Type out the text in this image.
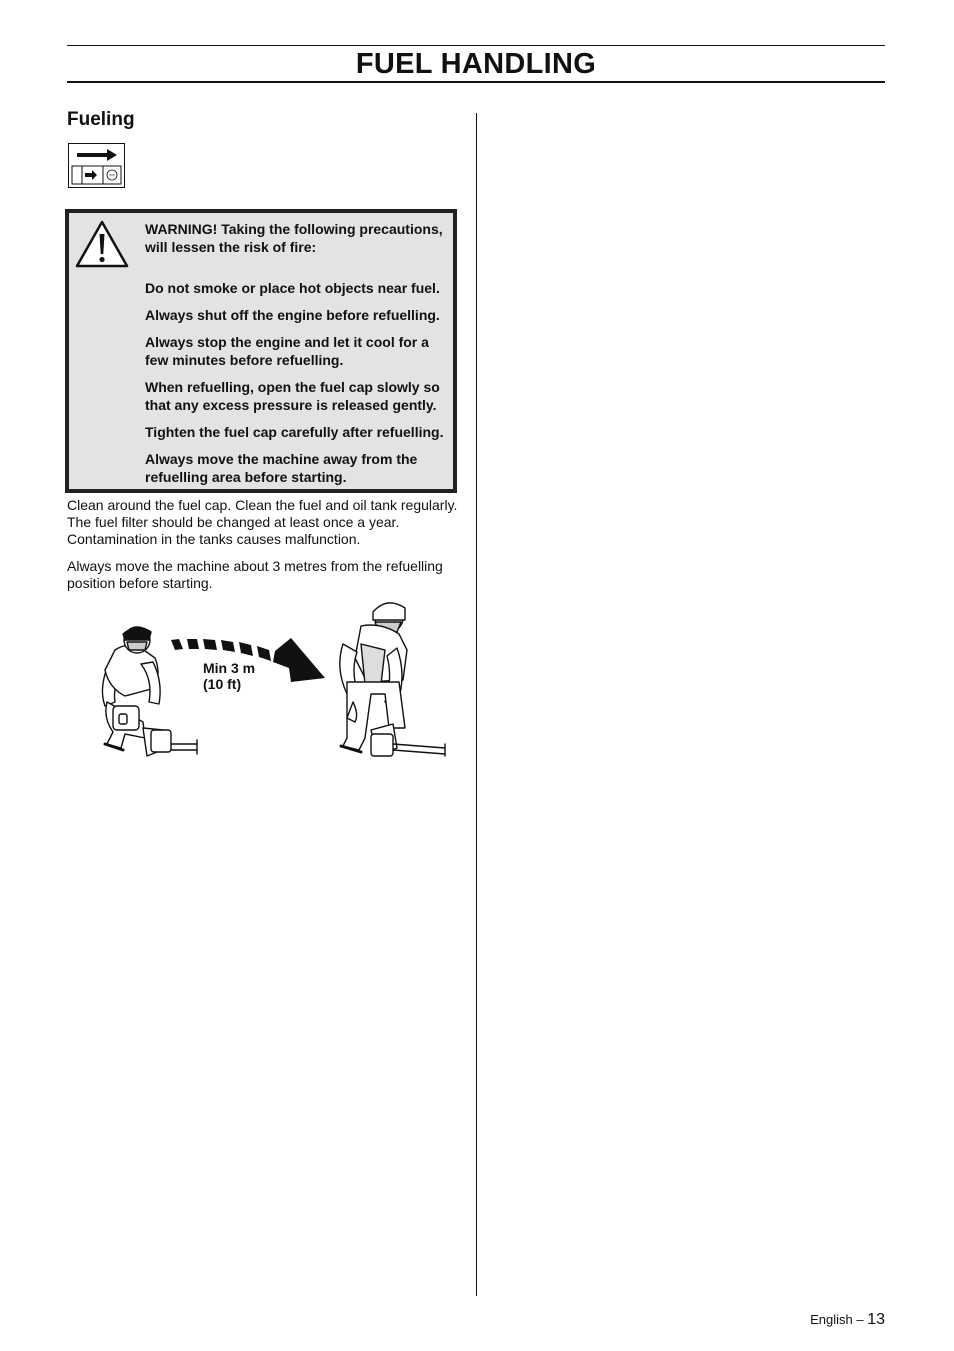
FUEL HANDLING
Fueling

WARNING! Taking the following precautions, will lessen the risk of fire:

Do not smoke or place hot objects near fuel.

Always shut off the engine before refuelling.

Always stop the engine and let it cool for a few minutes before refuelling.

When refuelling, open the fuel cap slowly so that any excess pressure is released gently.

Tighten the fuel cap carefully after refuelling.

Always move the machine away from the refuelling area before starting.

Clean around the fuel cap. Clean the fuel and oil tank regularly. The fuel filter should be changed at least once a year. Contamination in the tanks causes malfunction.

Always move the machine about 3 metres from the refuelling position before starting.

Min 3 m
(10 ft)
English – 13
